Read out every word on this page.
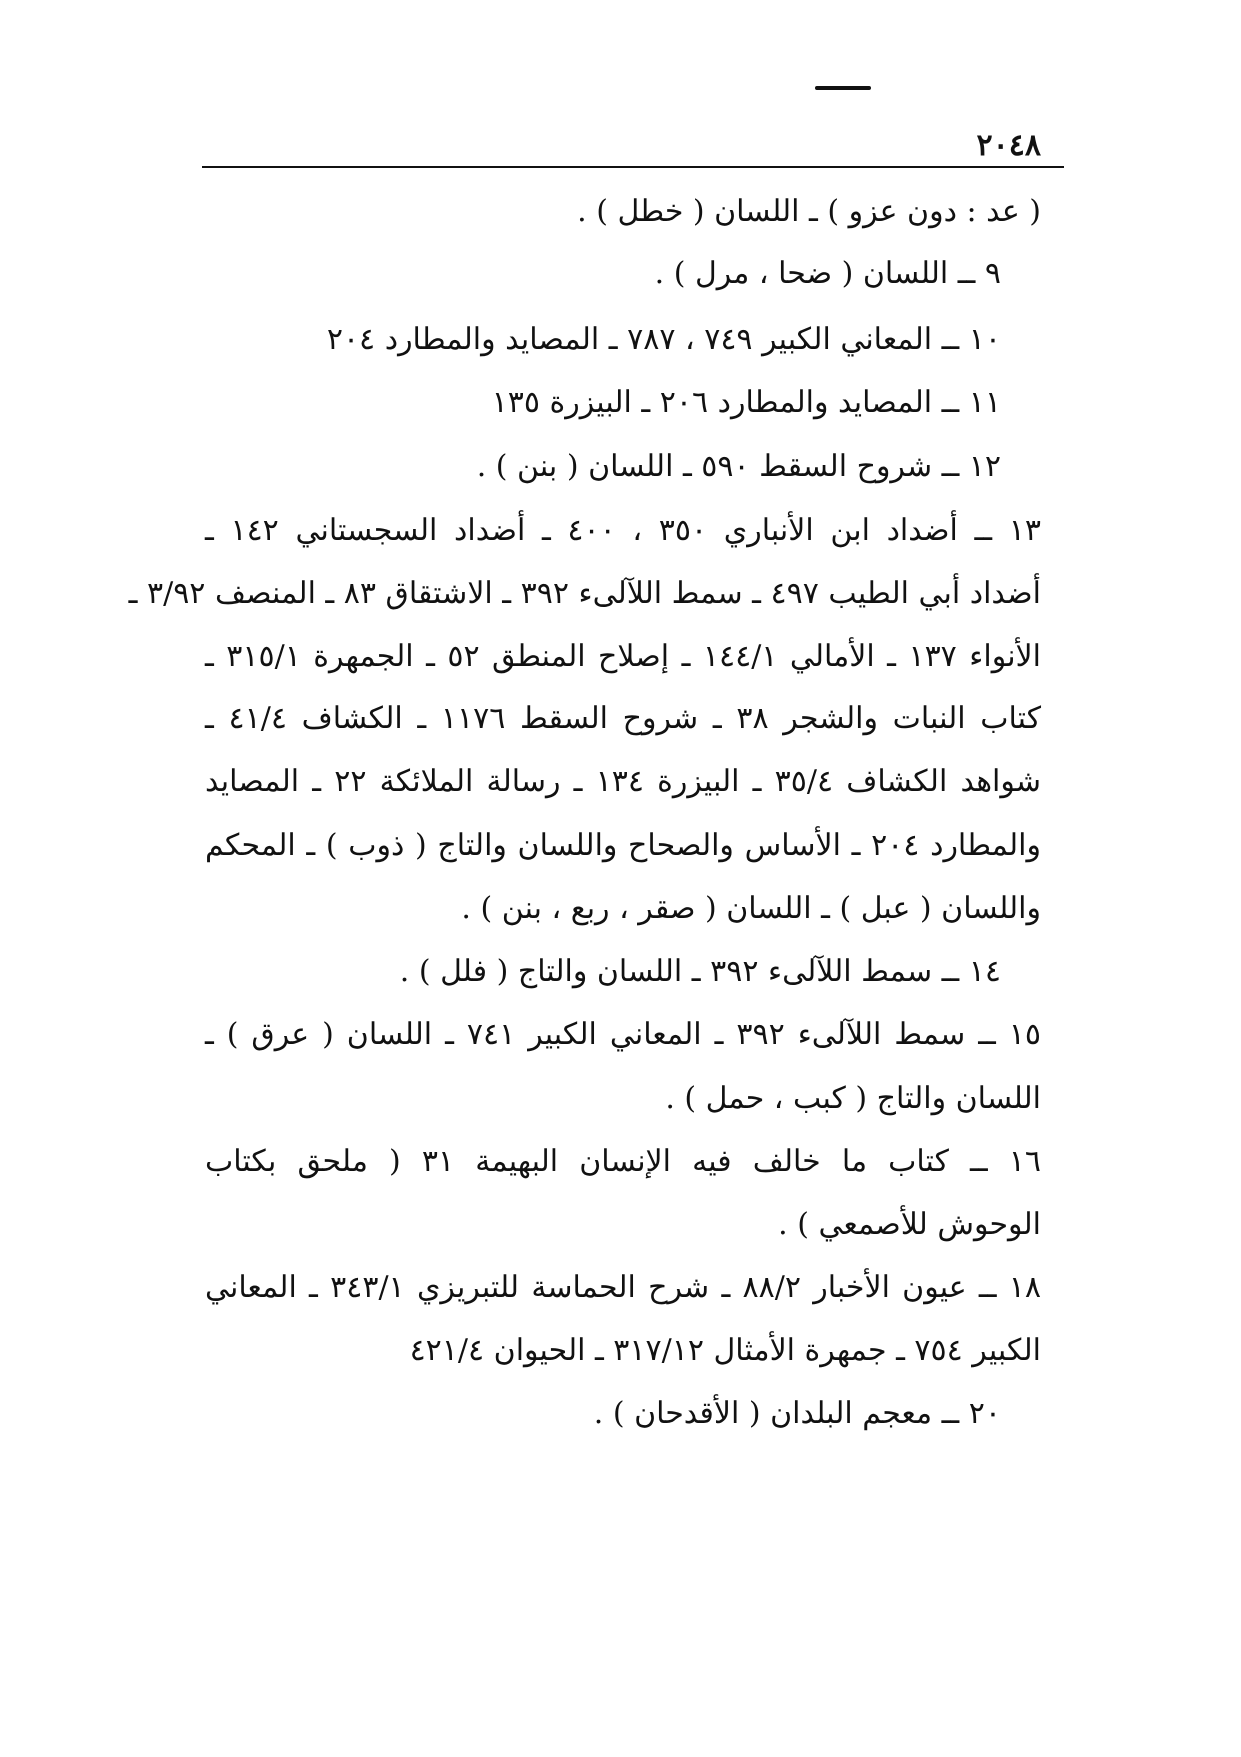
٢٠٤٨
( عد : دون عزو ) ـ اللسان ( خطل ) .
٩ ــ اللسان ( ضحا ، مرل ) .
١٠ ــ المعاني الكبير ٧٤٩ ، ٧٨٧ ـ المصايد والمطارد ٢٠٤
١١ ــ المصايد والمطارد ٢٠٦ ـ البيزرة ١٣٥
١٢ ــ شروح السقط ٥٩٠ ـ اللسان ( بنن ) .
١٣ ــ أضداد ابن الأنباري ٣٥٠ ، ٤٠٠ ـ أضداد السجستاني ١٤٢ ـ
أضداد أبي الطيب ٤٩٧ ـ سمط اللآلىء ٣٩٢ ـ الاشتقاق ٨٣ ـ المنصف ٣/٩٢ ـ
الأنواء ١٣٧ ـ الأمالي ١٤٤/١ ـ إصلاح المنطق ٥٢ ـ الجمهرة ٣١٥/١ ـ
كتاب النبات والشجر ٣٨ ـ شروح السقط ١١٧٦ ـ الكشاف ٤١/٤ ـ
شواهد الكشاف ٣٥/٤ ـ البيزرة ١٣٤ ـ رسالة الملائكة ٢٢ ـ المصايد
والمطارد ٢٠٤ ـ الأساس والصحاح واللسان والتاج ( ذوب ) ـ المحكم
واللسان ( عبل ) ـ اللسان ( صقر ، ربع ، بنن ) .
١٤ ــ سمط اللآلىء ٣٩٢ ـ اللسان والتاج ( فلل ) .
١٥ ــ سمط اللآلىء ٣٩٢ ـ المعاني الكبير ٧٤١ ـ اللسان ( عرق ) ـ
اللسان والتاج ( كبب ، حمل ) .
١٦ ــ كتاب ما خالف فيه الإنسان البهيمة ٣١ ( ملحق بكتاب
الوحوش للأصمعي ) .
١٨ ــ عيون الأخبار ٨٨/٢ ـ شرح الحماسة للتبريزي ٣٤٣/١ ـ المعاني
الكبير ٧٥٤ ـ جمهرة الأمثال ٣١٧/١٢ ـ الحيوان ٤٢١/٤
٢٠ ــ معجم البلدان ( الأقدحان ) .
